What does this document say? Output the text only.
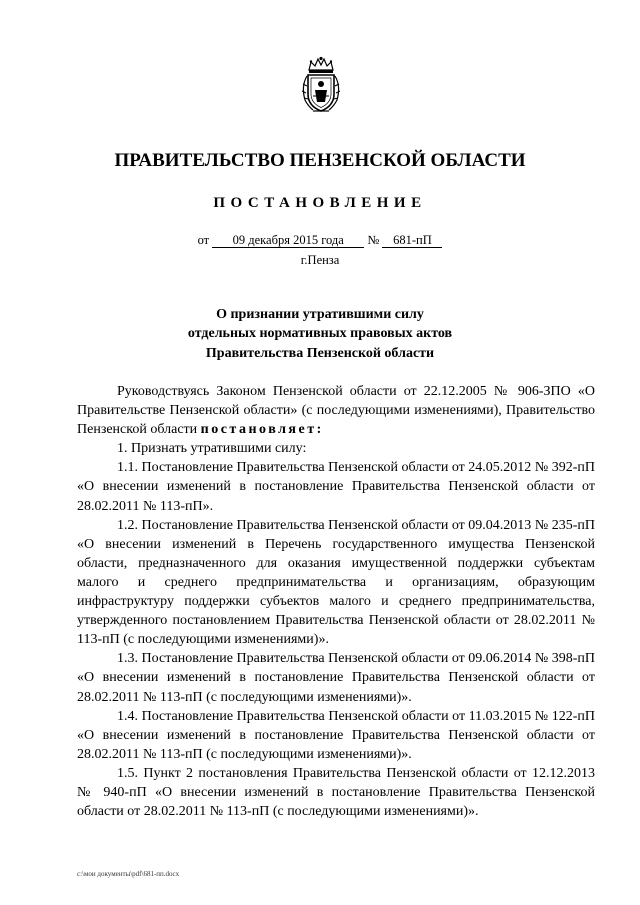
ПРАВИТЕЛЬСТВО ПЕНЗЕНСКОЙ ОБЛАСТИ
ПОСТАНОВЛЕНИЕ
от 09 декабря 2015 года № 681-пП
г.Пенза
О признании утратившими силу
отдельных нормативных правовых актов
Правительства Пензенской области

Руководствуясь Законом Пензенской области от 22.12.2005 № 906-ЗПО «О Правительстве Пензенской области» (с последующими изменениями), Правительство Пензенской области постановляет:

1. Признать утратившими силу:

1.1. Постановление Правительства Пензенской области от 24.05.2012 № 392-пП «О внесении изменений в постановление Правительства Пензенской области от 28.02.2011 № 113-пП».

1.2. Постановление Правительства Пензенской области от 09.04.2013 № 235-пП «О внесении изменений в Перечень государственного имущества Пензенской области, предназначенного для оказания имущественной поддержки субъектам малого и среднего предпринимательства и организациям, образующим инфраструктуру поддержки субъектов малого и среднего предпринимательства, утвержденного постановлением Правительства Пензенской области от 28.02.2011 № 113-пП (с последующими изменениями)».

1.3. Постановление Правительства Пензенской области от 09.06.2014 № 398-пП «О внесении изменений в постановление Правительства Пензенской области от 28.02.2011 № 113-пП (с последующими изменениями)».

1.4. Постановление Правительства Пензенской области от 11.03.2015 № 122-пП «О внесении изменений в постановление Правительства Пензенской области от 28.02.2011 № 113-пП (с последующими изменениями)».

1.5. Пункт 2 постановления Правительства Пензенской области от 12.12.2013 № 940-пП «О внесении изменений в постановление Правительства Пензенской области от 28.02.2011 № 113-пП (с последующими изменениями)».

c:\мои документы\pdf\681-пп.docx
